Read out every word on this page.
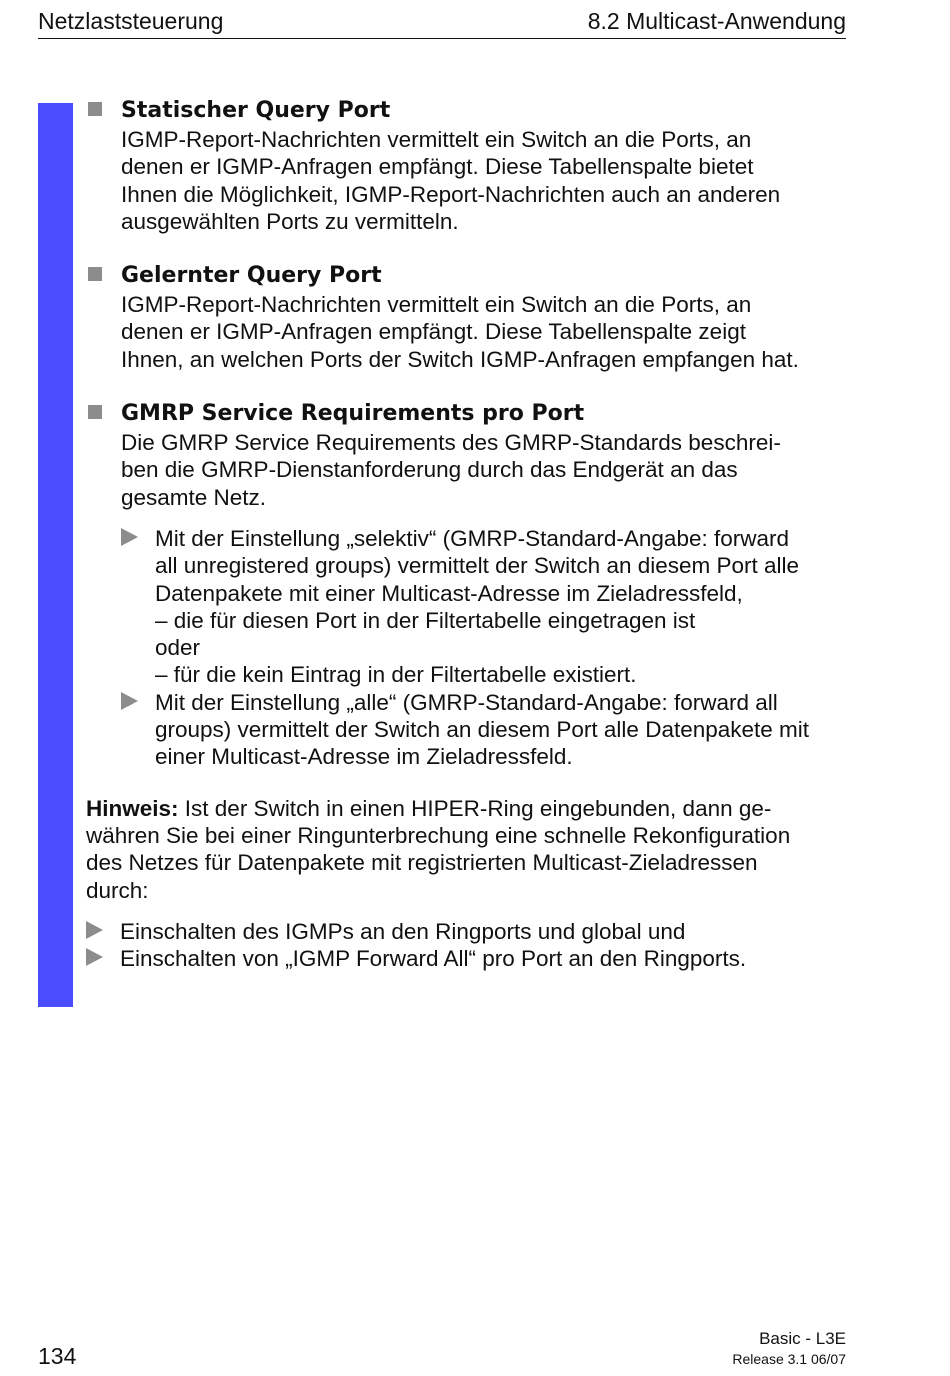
Netzlaststeuerung	8.2 Multicast-Anwendung
Statischer Query Port
IGMP-Report-Nachrichten vermittelt ein Switch an die Ports, an
denen er IGMP-Anfragen empfängt. Diese Tabellenspalte bietet
Ihnen die Möglichkeit, IGMP-Report-Nachrichten auch an anderen
ausgewählten Ports zu vermitteln.
Gelernter Query Port
IGMP-Report-Nachrichten vermittelt ein Switch an die Ports, an
denen er IGMP-Anfragen empfängt. Diese Tabellenspalte zeigt
Ihnen, an welchen Ports der Switch IGMP-Anfragen empfangen hat.
GMRP Service Requirements pro Port
Die GMRP Service Requirements des GMRP-Standards beschrei-
ben die GMRP-Dienstanforderung durch das Endgerät an das
gesamte Netz.
Mit der Einstellung „selektiv“ (GMRP-Standard-Angabe: forward
all unregistered groups) vermittelt der Switch an diesem Port alle
Datenpakete mit einer Multicast-Adresse im Zieladressfeld,
– die für diesen Port in der Filtertabelle eingetragen ist
oder
– für die kein Eintrag in der Filtertabelle existiert.
Mit der Einstellung „alle“ (GMRP-Standard-Angabe: forward all
groups) vermittelt der Switch an diesem Port alle Datenpakete mit
einer Multicast-Adresse im Zieladressfeld.
Hinweis: Ist der Switch in einen HIPER-Ring eingebunden, dann ge-
währen Sie bei einer Ringunterbrechung eine schnelle Rekonfiguration
des Netzes für Datenpakete mit registrierten Multicast-Zieladressen
durch:
Einschalten des IGMPs an den Ringports und global und
Einschalten von „IGMP Forward All“ pro Port an den Ringports.
134
Basic - L3E
Release 3.1 06/07
